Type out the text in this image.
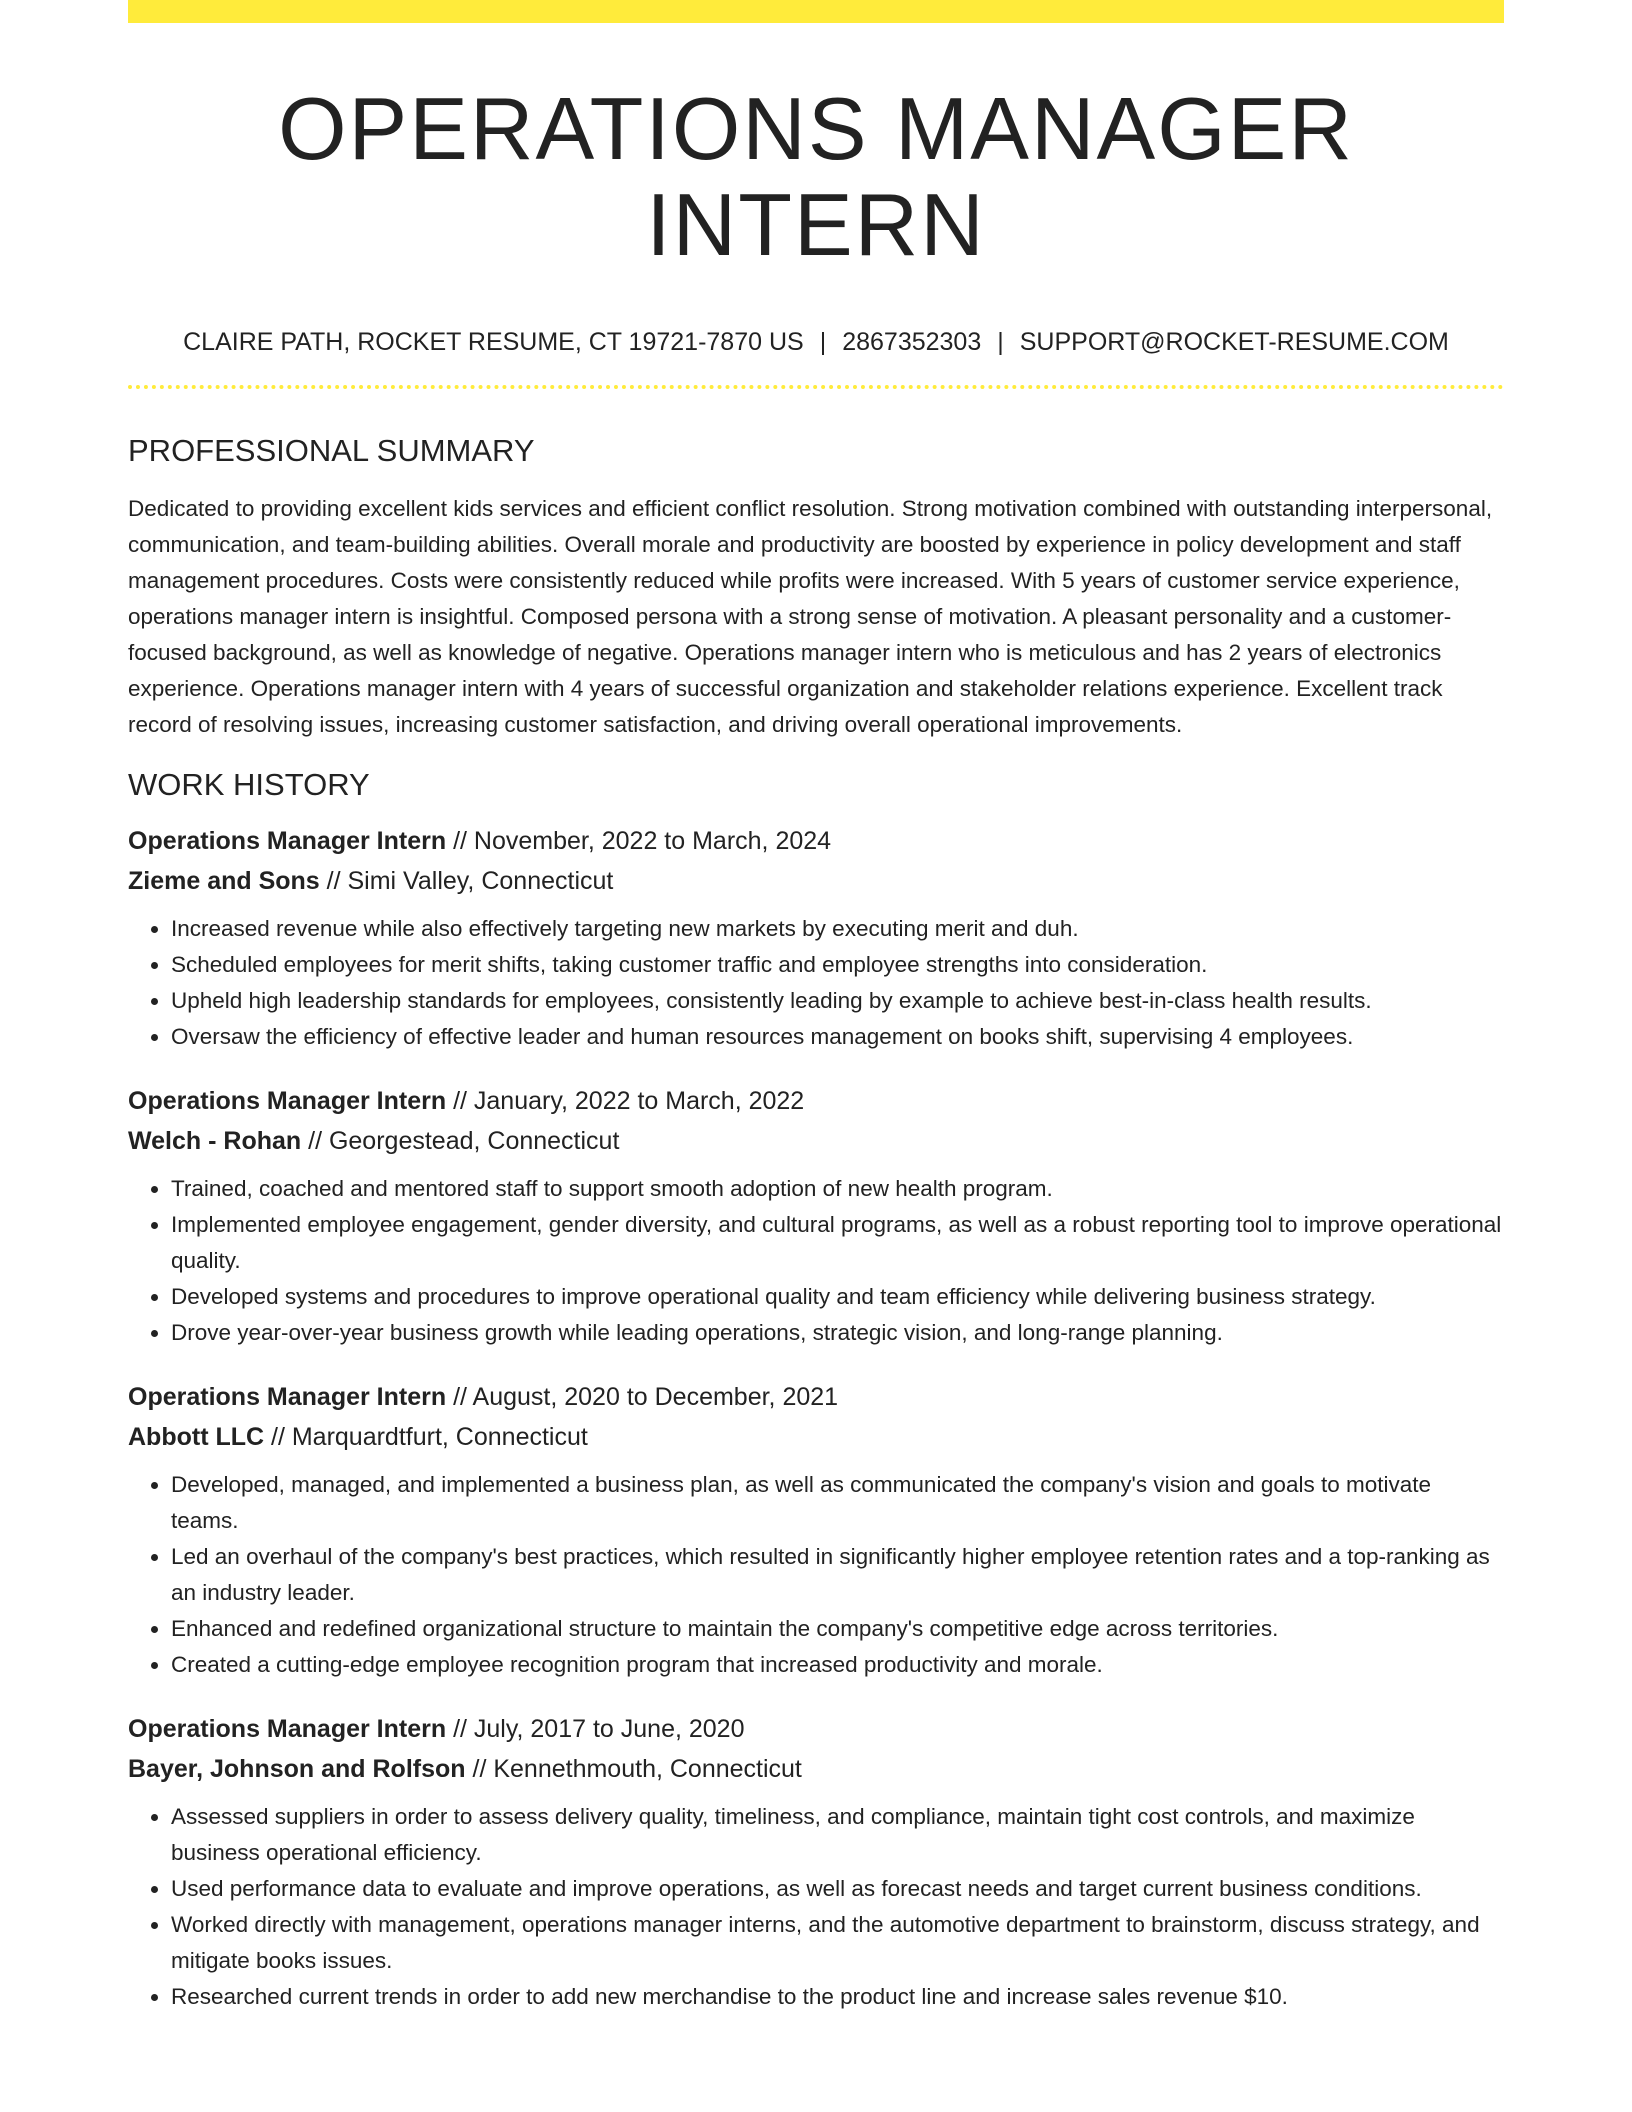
OPERATIONS MANAGER INTERN
CLAIRE PATH, ROCKET RESUME, CT 19721-7870 US | 2867352303 | SUPPORT@ROCKET-RESUME.COM
PROFESSIONAL SUMMARY

Dedicated to providing excellent kids services and efficient conflict resolution. Strong motivation combined with outstanding interpersonal, communication, and team-building abilities. Overall morale and productivity are boosted by experience in policy development and staff management procedures. Costs were consistently reduced while profits were increased. With 5 years of customer service experience, operations manager intern is insightful. Composed persona with a strong sense of motivation. A pleasant personality and a customer-focused background, as well as knowledge of negative. Operations manager intern who is meticulous and has 2 years of electronics experience. Operations manager intern with 4 years of successful organization and stakeholder relations experience. Excellent track record of resolving issues, increasing customer satisfaction, and driving overall operational improvements.

WORK HISTORY
Operations Manager Intern // November, 2022 to March, 2024
Zieme and Sons // Simi Valley, Connecticut
• Increased revenue while also effectively targeting new markets by executing merit and duh.
• Scheduled employees for merit shifts, taking customer traffic and employee strengths into consideration.
• Upheld high leadership standards for employees, consistently leading by example to achieve best-in-class health results.
• Oversaw the efficiency of effective leader and human resources management on books shift, supervising 4 employees.
Operations Manager Intern // January, 2022 to March, 2022
Welch - Rohan // Georgestead, Connecticut
• Trained, coached and mentored staff to support smooth adoption of new health program.
• Implemented employee engagement, gender diversity, and cultural programs, as well as a robust reporting tool to improve operational quality.
• Developed systems and procedures to improve operational quality and team efficiency while delivering business strategy.
• Drove year-over-year business growth while leading operations, strategic vision, and long-range planning.
Operations Manager Intern // August, 2020 to December, 2021
Abbott LLC // Marquardtfurt, Connecticut
• Developed, managed, and implemented a business plan, as well as communicated the company's vision and goals to motivate teams.
• Led an overhaul of the company's best practices, which resulted in significantly higher employee retention rates and a top-ranking as an industry leader.
• Enhanced and redefined organizational structure to maintain the company's competitive edge across territories.
• Created a cutting-edge employee recognition program that increased productivity and morale.
Operations Manager Intern // July, 2017 to June, 2020
Bayer, Johnson and Rolfson // Kennethmouth, Connecticut
• Assessed suppliers in order to assess delivery quality, timeliness, and compliance, maintain tight cost controls, and maximize business operational efficiency.
• Used performance data to evaluate and improve operations, as well as forecast needs and target current business conditions.
• Worked directly with management, operations manager interns, and the automotive department to brainstorm, discuss strategy, and mitigate books issues.
• Researched current trends in order to add new merchandise to the product line and increase sales revenue $10.
